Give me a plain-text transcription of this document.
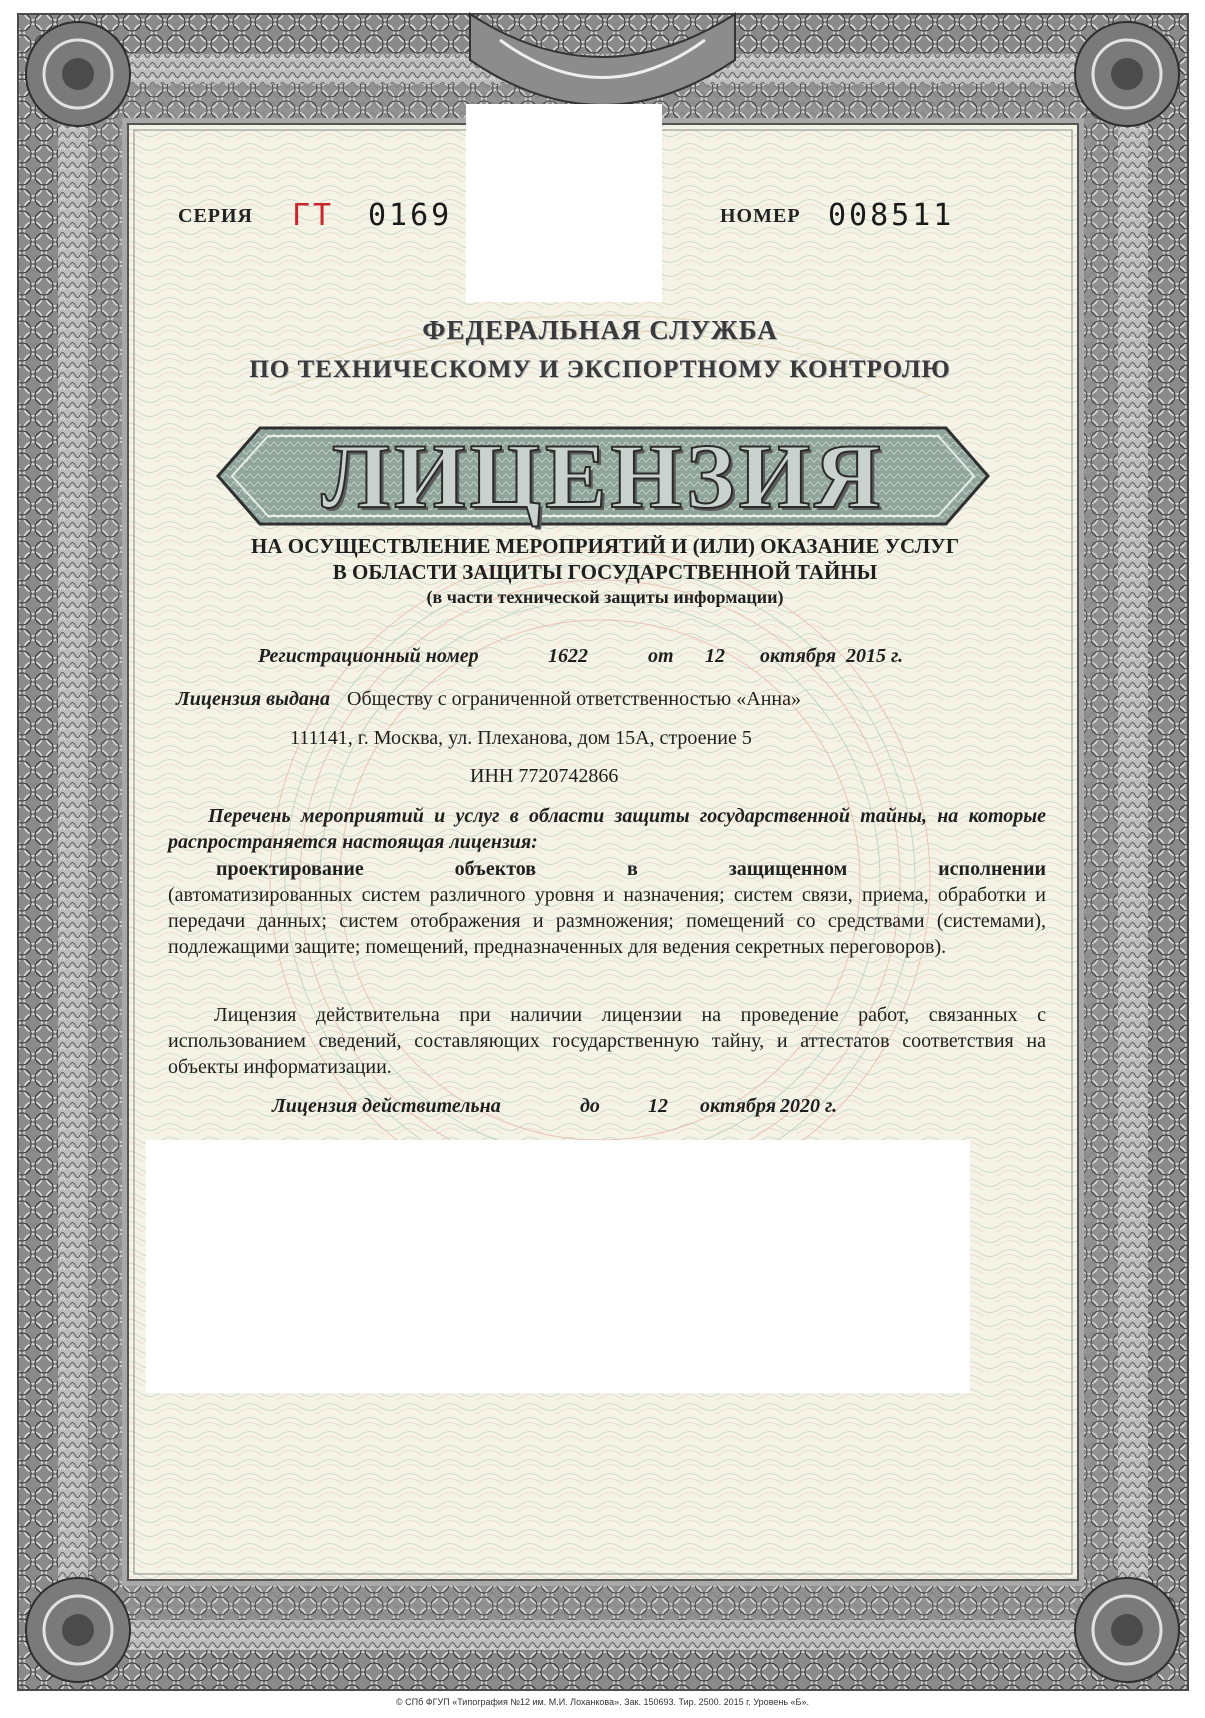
СЕРИЯ ГТ 0169	НОМЕР 008511
ФЕДЕРАЛЬНАЯ СЛУЖБА
ПО ТЕХНИЧЕСКОМУ И ЭКСПОРТНОМУ КОНТРОЛЮ
ЛИЦЕНЗИЯ
НА ОСУЩЕСТВЛЕНИЕ МЕРОПРИЯТИЙ И (ИЛИ) ОКАЗАНИЕ УСЛУГ
В ОБЛАСТИ ЗАЩИТЫ ГОСУДАРСТВЕННОЙ ТАЙНЫ
(в части технической защиты информации)
Регистрационный номер	1622	от 12 октября 2015 г.
Лицензия выдана Обществу с ограниченной ответственностью «Анна»
111141, г. Москва, ул. Плеханова, дом 15А, строение 5
ИНН 7720742866
Перечень мероприятий и услуг в области защиты государственной тайны, на которые распространяется настоящая лицензия:
проектирование объектов в защищенном исполнении
(автоматизированных систем различного уровня и назначения; систем связи, приема, обработки и передачи данных; систем отображения и размножения; помещений со средствами (системами), подлежащими защите; помещений, предназначенных для ведения секретных переговоров).
Лицензия действительна при наличии лицензии на проведение работ, связанных с использованием сведений, составляющих государственную тайну, и аттестатов соответствия на объекты информатизации.
Лицензия действительна	до 12 октября 2020 г.
© СПб ФГУП «Типография №12 им. М.И. Лоханкова». Зак. 150693. Тир. 2500. 2015 г. Уровень «Б».
